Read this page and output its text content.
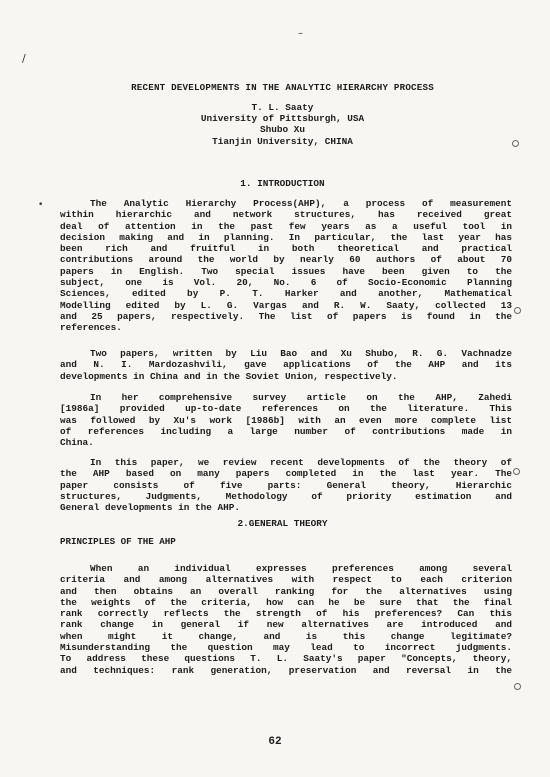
/
–
•
RECENT DEVELOPMENTS IN THE ANALYTIC HIERARCHY PROCESS
T. L. Saaty
University of Pittsburgh, USA
Shubo Xu
Tianjin University, CHINA
1. INTRODUCTION
The Analytic Hierarchy Process(AHP), a process of measurement
within hierarchic and network structures, has received great
deal of attention in the past few years as a useful tool in
decision making and in planning. In particular, the last year has
been rich and fruitful in both theoretical and practical
contributions around the world by nearly 60 authors of about 70
papers in English. Two special issues have been given to the
subject, one is Vol. 20, No. 6 of Socio-Economic Planning
Sciences, edited by P. T. Harker and another, Mathematical
Modelling edited by L. G. Vargas and R. W. Saaty, collected 13
and 25 papers, respectively. The list of papers is found in the
references.
Two papers, written by Liu Bao and Xu Shubo, R. G. Vachnadze
and N. I. Mardozashvili, gave applications of the AHP and its
developments in China and in the Soviet Union, respectively.
In her comprehensive survey article on the AHP, Zahedi
[1986a] provided up-to-date references on the literature. This
was followed by Xu's work [1986b] with an even more complete list
of references including a large number of contributions made in
China.
In this paper, we review recent developments of the theory of
the AHP based on many papers completed in the last year. The
paper consists of five parts: General theory, Hierarchic
structures, Judgments, Methodology of priority estimation and
General developments in the AHP.
2.GENERAL THEORY
PRINCIPLES OF THE AHP
When an individual expresses preferences among several
criteria and among alternatives with respect to each criterion
and then obtains an overall ranking for the alternatives using
the weights of the criteria, how can he be sure that the final
rank correctly reflects the strength of his preferences? Can this
rank change in general if new alternatives are introduced and
when might it change, and is this change legitimate?
Misunderstanding the question may lead to incorrect judgments.
To address these questions T. L. Saaty's paper "Concepts, theory,
and techniques: rank generation, preservation and reversal in the
62
